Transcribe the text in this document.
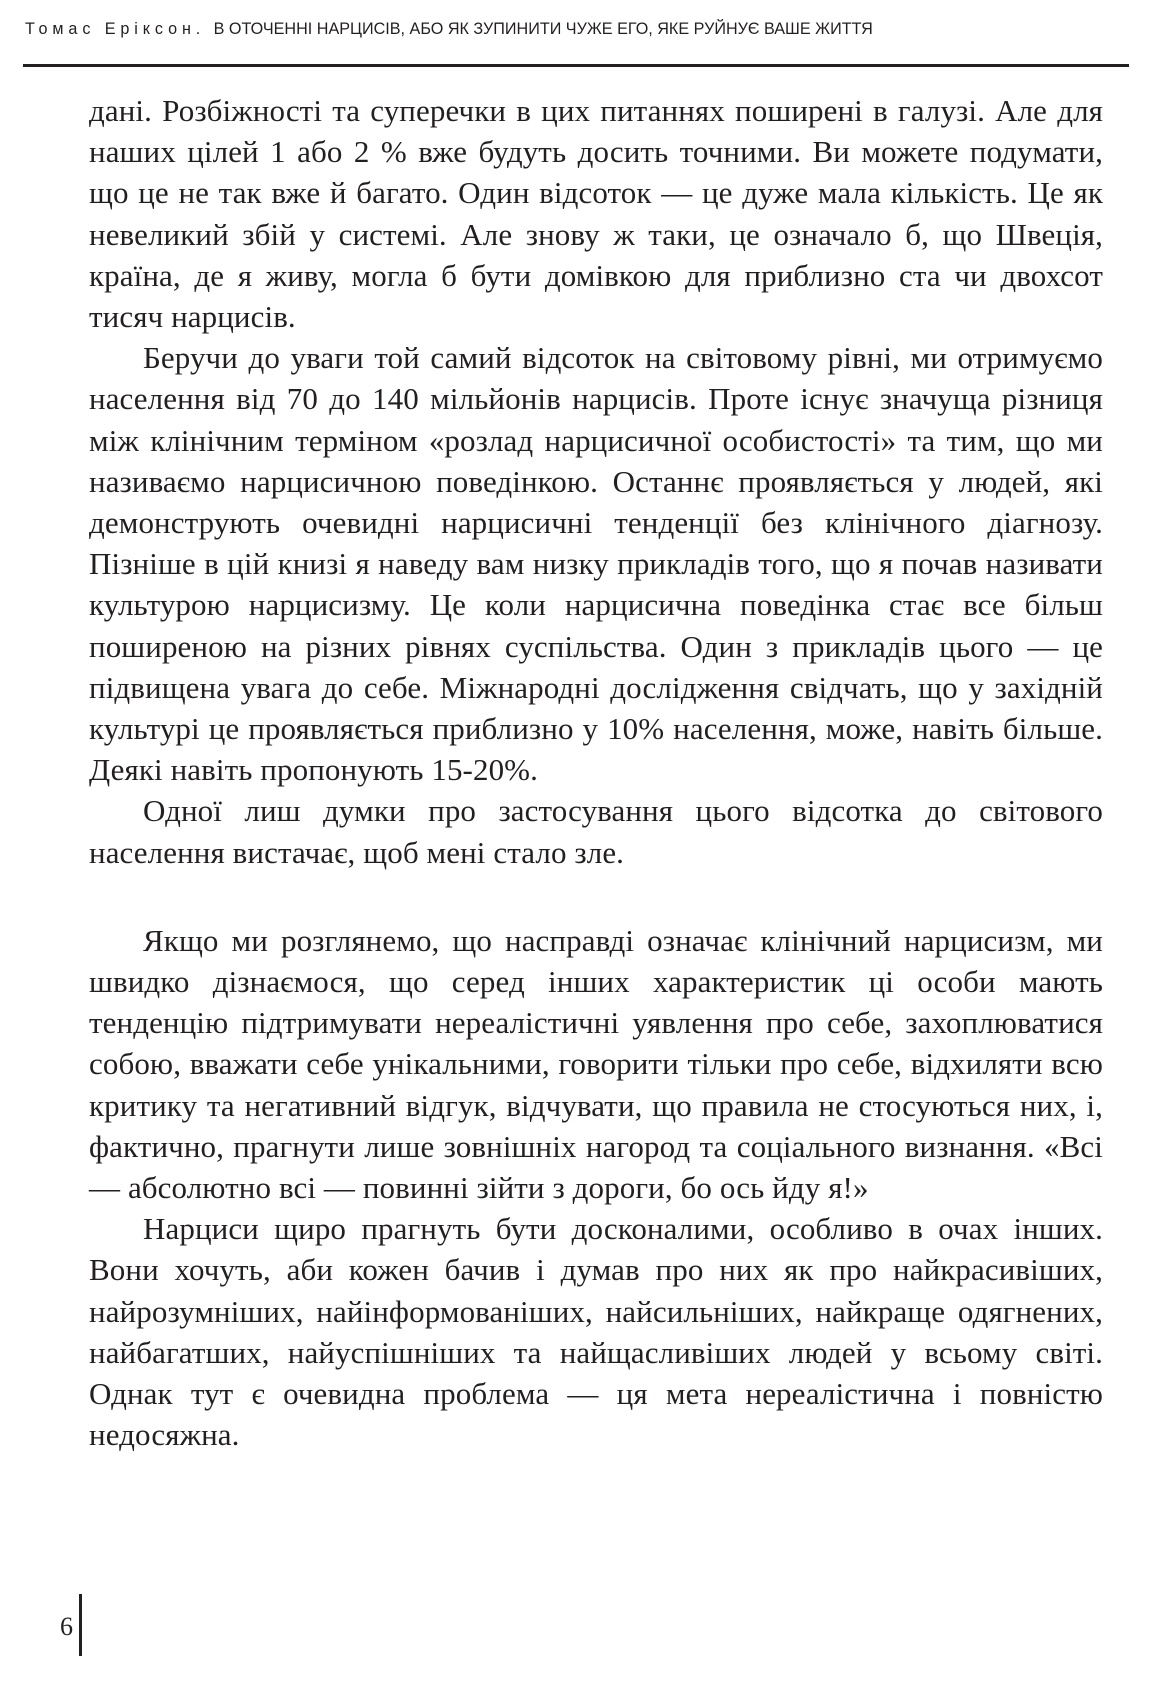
Томас Еріксон. В ОТОЧЕННІ НАРЦИСІВ, АБО ЯК ЗУПИНИТИ ЧУЖЕ ЕГО, ЯКЕ РУЙНУЄ ВАШЕ ЖИТТЯ

дані. Розбіжності та суперечки в цих питаннях поширені в галузі. Але для наших цілей 1 або 2 % вже будуть досить точними. Ви можете подумати, що це не так вже й багато. Один відсоток — це дуже мала кількість. Це як невеликий збій у системі. Але знову ж таки, це означало б, що Швеція, країна, де я живу, могла б бути домівкою для приблизно ста чи двохсот тисяч нарцисів.

Беручи до уваги той самий відсоток на світовому рівні, ми отримуємо населення від 70 до 140 мільйонів нарцисів. Проте існує значуща різниця між клінічним терміном «розлад нарцисичної особистості» та тим, що ми називаємо нарцисичною поведінкою. Останнє проявляється у людей, які демонструють очевидні нарцисичні тенденції без клінічного діагнозу. Пізніше в цій книзі я наведу вам низку прикладів того, що я почав називати культурою нарцисизму. Це коли нарцисична поведінка стає все більш поширеною на різних рівнях суспільства. Один з прикладів цього — це підвищена увага до себе. Міжнародні дослідження свідчать, що у західній культурі це проявляється приблизно у 10% населення, може, навіть більше. Деякі навіть пропонують 15-20%.

Одної лиш думки про застосування цього відсотка до світового населення вистачає, щоб мені стало зле.

Якщо ми розглянемо, що насправді означає клінічний нарцисизм, ми швидко дізнаємося, що серед інших характеристик ці особи мають тенденцію підтримувати нереалістичні уявлення про себе, захоплюватися собою, вважати себе унікальними, говорити тільки про себе, відхиляти всю критику та негативний відгук, відчувати, що правила не стосуються них, і, фактично, прагнути лише зовнішніх нагород та соціального визнання. «Всі — абсолютно всі — повинні зійти з дороги, бо ось йду я!»

Нарциси щиро прагнуть бути досконалими, особливо в очах інших. Вони хочуть, аби кожен бачив і думав про них як про найкрасивіших, найрозумніших, найінформованіших, найсильніших, найкраще одягнених, найбагатших, найуспішніших та найщасливіших людей у всьому світі. Однак тут є очевидна проблема — ця мета нереалістична і повністю недосяжна.

6
